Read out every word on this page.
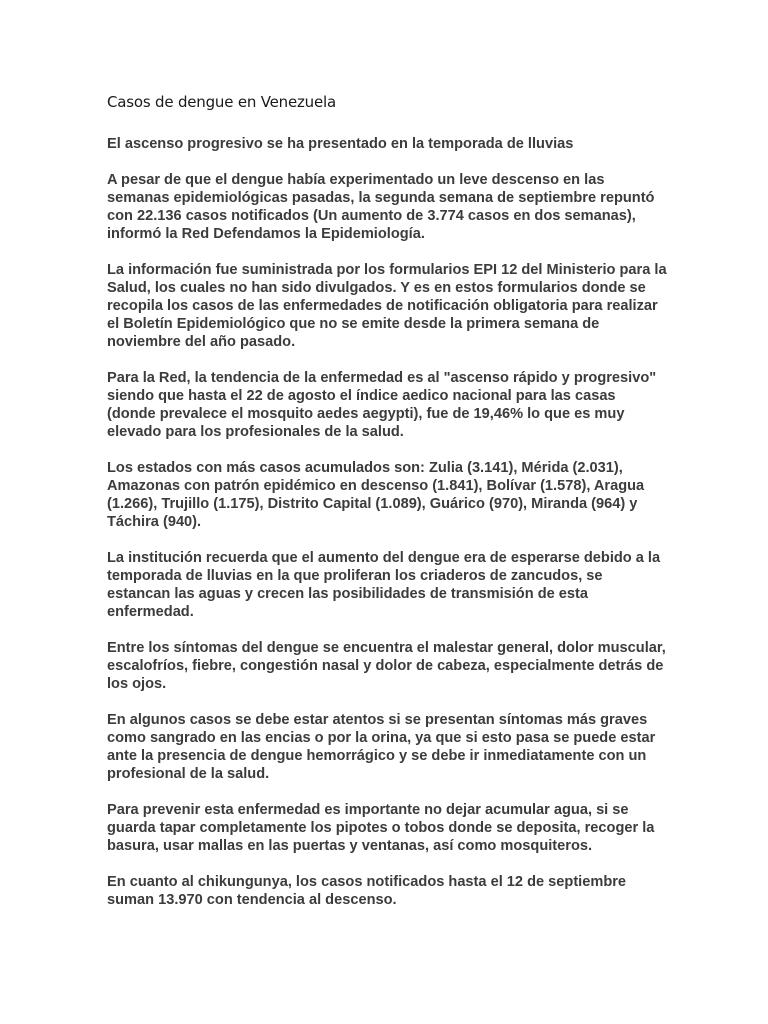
Casos de dengue en Venezuela

El ascenso progresivo se ha presentado en la temporada de lluvias

A pesar de que el dengue había experimentado un leve descenso en las semanas epidemiológicas pasadas, la segunda semana de septiembre repuntó con 22.136 casos notificados (Un aumento de 3.774 casos en dos semanas), informó la Red Defendamos la Epidemiología.

La información fue suministrada por los formularios EPI 12 del Ministerio para la Salud, los cuales no han sido divulgados. Y es en estos formularios donde se recopila los casos de las enfermedades de notificación obligatoria para realizar el Boletín Epidemiológico que no se emite desde la primera semana de noviembre del año pasado.

Para la Red, la tendencia de la enfermedad es al "ascenso rápido y progresivo" siendo que hasta el 22 de agosto el índice aedico nacional para las casas (donde prevalece el mosquito aedes aegypti), fue de 19,46% lo que es muy elevado para los profesionales de la salud.

Los estados con más casos acumulados son: Zulia (3.141), Mérida (2.031), Amazonas con patrón epidémico en descenso (1.841), Bolívar (1.578), Aragua (1.266), Trujillo (1.175), Distrito Capital (1.089), Guárico (970), Miranda (964) y Táchira (940).

La institución recuerda que el aumento del dengue era de esperarse debido a la temporada de lluvias en la que proliferan los criaderos de zancudos, se estancan las aguas y crecen las posibilidades de transmisión de esta enfermedad.

Entre los síntomas del dengue se encuentra el malestar general, dolor muscular, escalofríos, fiebre, congestión nasal y dolor de cabeza, especialmente detrás de los ojos.

En algunos casos se debe estar atentos si se presentan síntomas más graves como sangrado en las encias o por la orina, ya que si esto pasa se puede estar ante la presencia de dengue hemorrágico y se debe ir inmediatamente con un profesional de la salud.

Para prevenir esta enfermedad es importante no dejar acumular agua, si se guarda tapar completamente los pipotes o tobos donde se deposita, recoger la basura, usar mallas en las puertas y ventanas, así como mosquiteros.

En cuanto al chikungunya, los casos notificados hasta el 12 de septiembre suman 13.970 con tendencia al descenso.
